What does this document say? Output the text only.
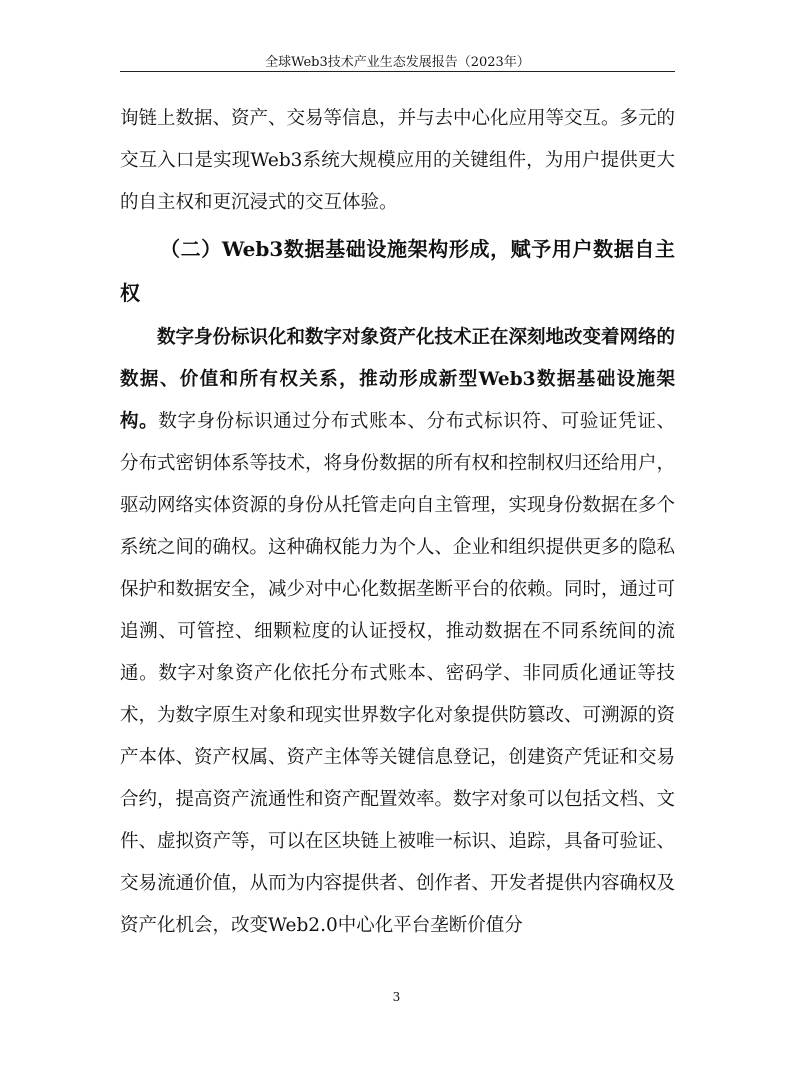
全球Web3技术产业生态发展报告（2023年）

询链上数据、资产、交易等信息，并与去中心化应用等交互。多元的交互入口是实现Web3系统大规模应用的关键组件，为用户提供更大的自主权和更沉浸式的交互体验。

（二）Web3数据基础设施架构形成，赋予用户数据自主权

数字身份标识化和数字对象资产化技术正在深刻地改变着网络的数据、价值和所有权关系，推动形成新型Web3数据基础设施架构。数字身份标识通过分布式账本、分布式标识符、可验证凭证、分布式密钥体系等技术，将身份数据的所有权和控制权归还给用户，驱动网络实体资源的身份从托管走向自主管理，实现身份数据在多个系统之间的确权。这种确权能力为个人、企业和组织提供更多的隐私保护和数据安全，减少对中心化数据垄断平台的依赖。同时，通过可追溯、可管控、细颗粒度的认证授权，推动数据在不同系统间的流通。数字对象资产化依托分布式账本、密码学、非同质化通证等技术，为数字原生对象和现实世界数字化对象提供防篡改、可溯源的资产本体、资产权属、资产主体等关键信息登记，创建资产凭证和交易合约，提高资产流通性和资产配置效率。数字对象可以包括文档、文件、虚拟资产等，可以在区块链上被唯一标识、追踪，具备可验证、交易流通价值，从而为内容提供者、创作者、开发者提供内容确权及资产化机会，改变Web2.0中心化平台垄断价值分

3
